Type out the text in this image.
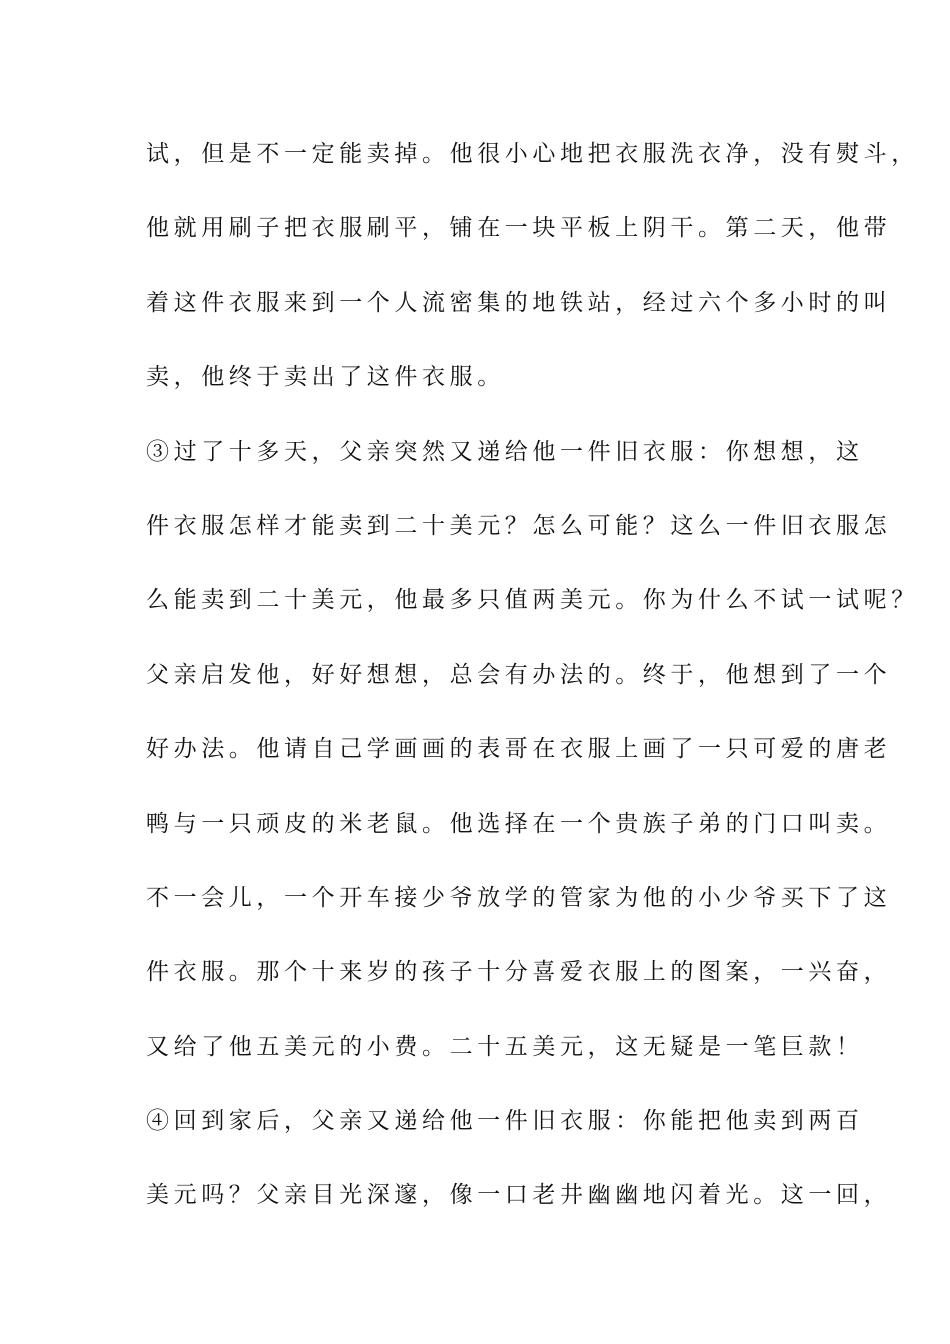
试，但是不一定能卖掉。他很小心地把衣服洗衣净，没有熨斗，
他就用刷子把衣服刷平，铺在一块平板上阴干。第二天，他带
着这件衣服来到一个人流密集的地铁站，经过六个多小时的叫
卖，他终于卖出了这件衣服。
③过了十多天，父亲突然又递给他一件旧衣服：你想想，这
件衣服怎样才能卖到二十美元？怎么可能？这么一件旧衣服怎
么能卖到二十美元，他最多只值两美元。你为什么不试一试呢？
父亲启发他，好好想想，总会有办法的。终于，他想到了一个
好办法。他请自己学画画的表哥在衣服上画了一只可爱的唐老
鸭与一只顽皮的米老鼠。他选择在一个贵族子弟的门口叫卖。
不一会儿，一个开车接少爷放学的管家为他的小少爷买下了这
件衣服。那个十来岁的孩子十分喜爱衣服上的图案，一兴奋，
又给了他五美元的小费。二十五美元，这无疑是一笔巨款！
④回到家后，父亲又递给他一件旧衣服：你能把他卖到两百
美元吗？父亲目光深邃，像一口老井幽幽地闪着光。这一回，
